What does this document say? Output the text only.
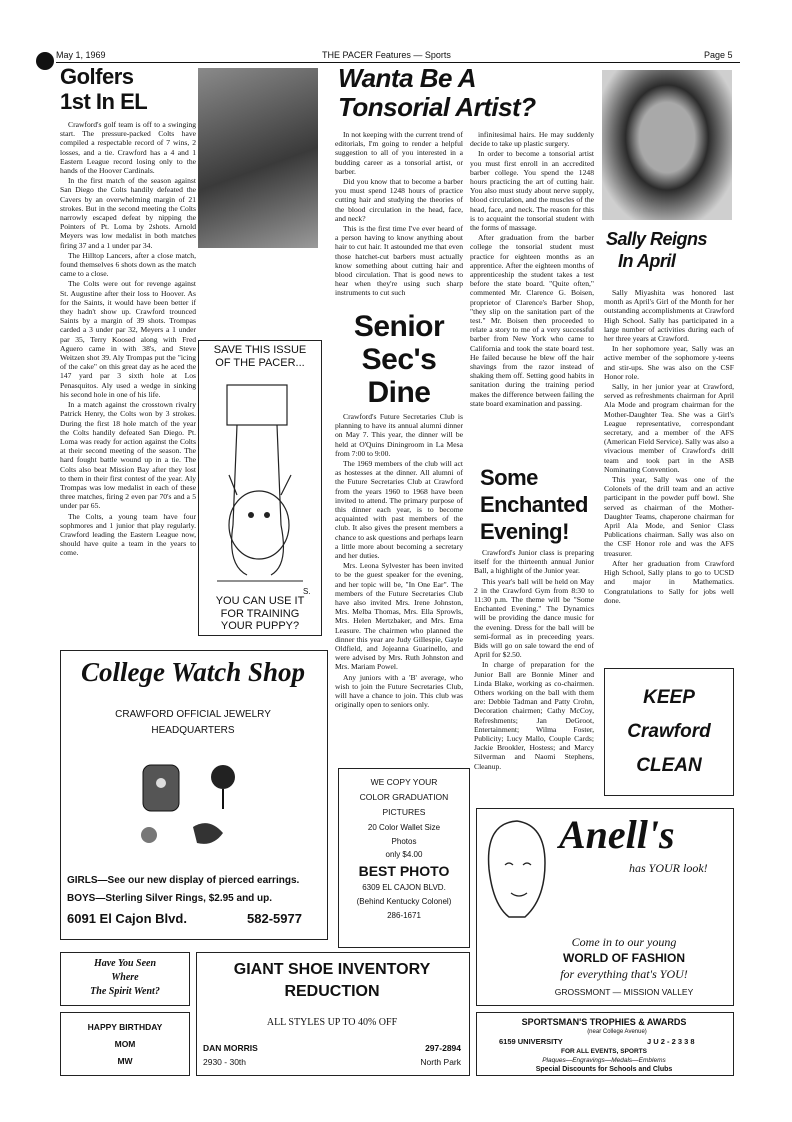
May 1, 1969	THE PACER Features — Sports	Page 5
Golfers
1st In EL

Crawford's golf team is off to a swinging start. The pressure-packed Colts have compiled a respectable record of 7 wins, 2 losses, and a tie. Crawford has a 4 and 1 Eastern League record losing only to the hands of the Hoover Cardinals.

In the first match of the season against San Diego the Colts handily defeated the Cavers by an overwhelming margin of 21 strokes. But in the second meeting the Colts narrowly escaped defeat by nipping the Pointers of Pt. Loma by 2shots. Arnold Meyers was low medalist in both matches firing 37 and a 1 under par 34.

The Hilltop Lancers, after a close match, found themselves 6 shots down as the match came to a close.

The Colts were out for revenge against St. Augustine after their loss to Hoover. As for the Saints, it would have been better if they hadn't show up. Crawford trounced Saints by a margin of 39 shots. Trompas carded a 3 under par 32, Meyers a 1 under par 35, Terry Koosed along with Fred Aguero came in with 38's, and Steve Weitzen shot 39. Aly Trompas put the "icing of the cake" on this great day as he aced the 147 yard par 3 sixth hole at Los Penasquitos. Aly used a wedge in sinking his second hole in one of his life.

In a match against the crosstown rivalry Patrick Henry, the Colts won by 3 strokes. During the first 18 hole match of the year the Colts handily defeated San Diego. Pt. Loma was ready for action against the Colts at their second meeting of the season. The hard fought battle wound up in a tie. The Colts also beat Mission Bay after they lost to them in their first contest of the year. Aly Trompas was low medalist in each of these three matches, firing 2 even par 70's and a 5 under par 65.

The Colts, a young team have four sophmores and 1 junior that play regularly. Crawford leading the Eastern League now, should have quite a team in the years to come.

SAVE THIS ISSUE
OF THE PACER...
S.
YOU CAN USE IT
FOR TRAINING
YOUR PUPPY?
Wanta Be A
Tonsorial Artist?

In not keeping with the current trend of editorials, I'm going to render a helpful suggestion to all of you interested in a budding career as a tonsorial artist, or barber.

Did you know that to become a barber you must spend 1248 hours of practice cutting hair and studying the theories of the blood circulation in the head, face, and neck?

This is the first time I've ever heard of a person having to know anything about hair to cut hair. It astounded me that even those hatchet-cut barbers must actually know something about cutting hair and blood circulation. That is good news to hear when they're using such sharp instruments to cut such

infinitesimal hairs. He may suddenly decide to take up plastic surgery.

In order to become a tonsorial artist you must first enroll in an accredited barber college. You spend the 1248 hours practicing the art of cutting hair. You also must study about nerve supply, blood circulation, and the muscles of the head, face, and neck. The reason for this is to acquaint the tonsorial student with the forms of massage.

After graduation from the barber college the tonsorial student must practice for eighteen months as an apprentice. After the eighteen months of apprenticeship the student takes a test before the state board. "Quite often," commented Mr. Clarence G. Boisen, proprietor of Clarence's Barber Shop, "they slip on the sanitation part of the test." Mr. Boisen then proceeded to relate a story to me of a very successful barber from New York who came to California and took the state board test. He failed because he blew off the hair shavings from the razor instead of shaking them off. Setting good habits in sanitation during the training period makes the difference between failing the state board examination and passing.

Senior
Sec's
Dine

Crawford's Future Secretaries Club is planning to have its annual alumni dinner on May 7. This year, the dinner will be held at O'Quins Diningroom in La Mesa from 7:00 to 9:00.

The 1969 members of the club will act as hostesses at the dinner. All alumni of the Future Secretaries Club at Crawford from the years 1960 to 1968 have been invited to attend. The primary purpose of this dinner each year, is to become acquainted with past members of the club. It also gives the present members a chance to ask questions and perhaps learn a little more about becoming a secretary and her duties.

Mrs. Leona Sylvester has been invited to be the guest speaker for the evening, and her topic will be, "In One Ear". The members of the Future Secretaries Club have also invited Mrs. Irene Johnston, Mrs. Melba Thomas, Mrs. Ella Sprowls, Mrs. Helen Mertzbaker, and Mrs. Ema Leasure. The chairmen who planned the dinner this year are Judy Gillespie, Gayle Oldfield, and Jojeanna Guarinello, and were advised by Mrs. Ruth Johnston and Mrs. Mariam Powel.

Any juniors with a 'B' average, who wish to join the Future Secretaries Club, will have a chance to join. This club was originally open to seniors only.

Some
Enchanted
Evening!

Crawford's Junior class is preparing itself for the thirteenth annual Junior Ball, a highlight of the Junior year.

This year's ball will be held on May 2 in the Crawford Gym from 8:30 to 11:30 p.m. The theme will be "Some Enchanted Evening." The Dynamics will be providing the dance music for the evening. Dress for the ball will be semi-formal as in preceeding years. Bids will go on sale toward the end of April for $2.50.

In charge of preparation for the Junior Ball are Bonnie Miner and Linda Blake, working as co-chairmen. Others working on the ball with them are: Debbie Tadman and Patty Crohn, Decoration chairmen; Cathy McCoy, Refreshments; Jan DeGroot, Entertainment; Wilma Foster, Publicity; Lucy Mallo, Couple Cards; Jackie Brookler, Hostess; and Marcy Silverman and Naomi Stephens, Cleanup.

Sally Reigns
In April

Sally Miyashita was honored last month as April's Girl of the Month for her outstanding accomplishments at Crawford High School. Sally has participated in a large number of activities during each of her three years at Crawford.

In her sophomore year, Sally was an active member of the sophomore y-teens and stir-ups. She was also on the CSF Honor role.

Sally, in her junior year at Crawford, served as refreshments chairman for April Ala Mode and program chairman for the Mother-Daughter Tea. She was a Girl's League representative, correspondant secretary, and a member of the AFS (American Field Service). Sally was also a vivacious member of Crawford's drill team and took part in the ASB Nominating Convention.

This year, Sally was one of the Colonels of the drill team and an active participant in the powder puff bowl. She served as chairman of the Mother-Daughter Teams, chaperone chairman for April Ala Mode, and Senior Class Publications chairman. Sally was also on the CSF Honor role and was the AFS treasurer.

After her graduation from Crawford High School, Sally plans to go to UCSD and major in Mathematics. Congratulations to Sally for jobs well done.

College Watch Shop
CRAWFORD OFFICIAL JEWELRY
HEADQUARTERS
GIRLS—See our new display of pierced earrings.
BOYS—Sterling Silver Rings, $2.95 and up.
6091 El Cajon Blvd.	582-5977
WE COPY YOUR
COLOR GRADUATION
PICTURES
20 Color Wallet Size
Photos
only $4.00
BEST PHOTO
6309 EL CAJON BLVD.
(Behind Kentucky Colonel)
286-1671
KEEP
Crawford
CLEAN
Anell's
has YOUR look!
Come in to our young
WORLD OF FASHION
for everything that's YOU!
GROSSMONT — MISSION VALLEY
Have You Seen
Where
The Spirit Went?
HAPPY BIRTHDAY
MOM
MW
GIANT SHOE INVENTORY
REDUCTION
ALL STYLES UP TO 40% OFF
DAN MORRIS
2930 - 30th
297-2894
North Park
SPORTSMAN'S TROPHIES & AWARDS
(near College Avenue)
6159 UNIVERSITY	J U 2 - 2 3 3 8
FOR ALL EVENTS, SPORTS
Plaques—Engravings—Medals—Emblems
Special Discounts for Schools and Clubs
